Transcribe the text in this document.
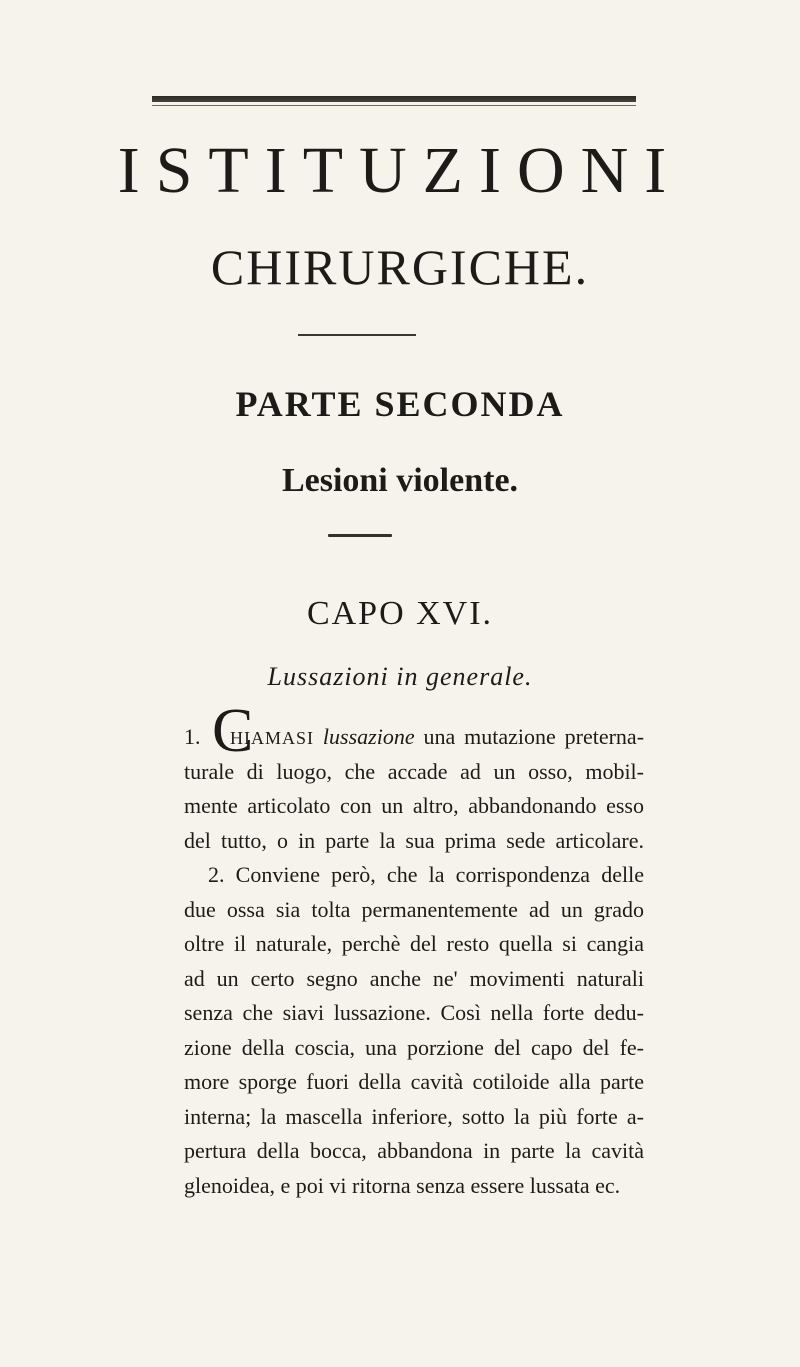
ISTITUZIONI
CHIRURGICHE.
PARTE SECONDA
Lesioni violente.
CAPO XVI.
Lussazioni in generale.
1. C
HIAMASI lussazione una mutazione preterna-
turale di luogo, che accade ad un osso, mobil-
mente articolato con un altro, abbandonando esso
del tutto, o in parte la sua prima sede articolare.
2. Conviene però, che la corrispondenza delle
due ossa sia tolta permanentemente ad un grado
oltre il naturale, perchè del resto quella si cangia
ad un certo segno anche ne' movimenti naturali
senza che siavi lussazione. Così nella forte dedu-
zione della coscia, una porzione del capo del fe-
more sporge fuori della cavità cotiloide alla parte
interna; la mascella inferiore, sotto la più forte a-
pertura della bocca, abbandona in parte la cavità
glenoidea, e poi vi ritorna senza essere lussata ec.
